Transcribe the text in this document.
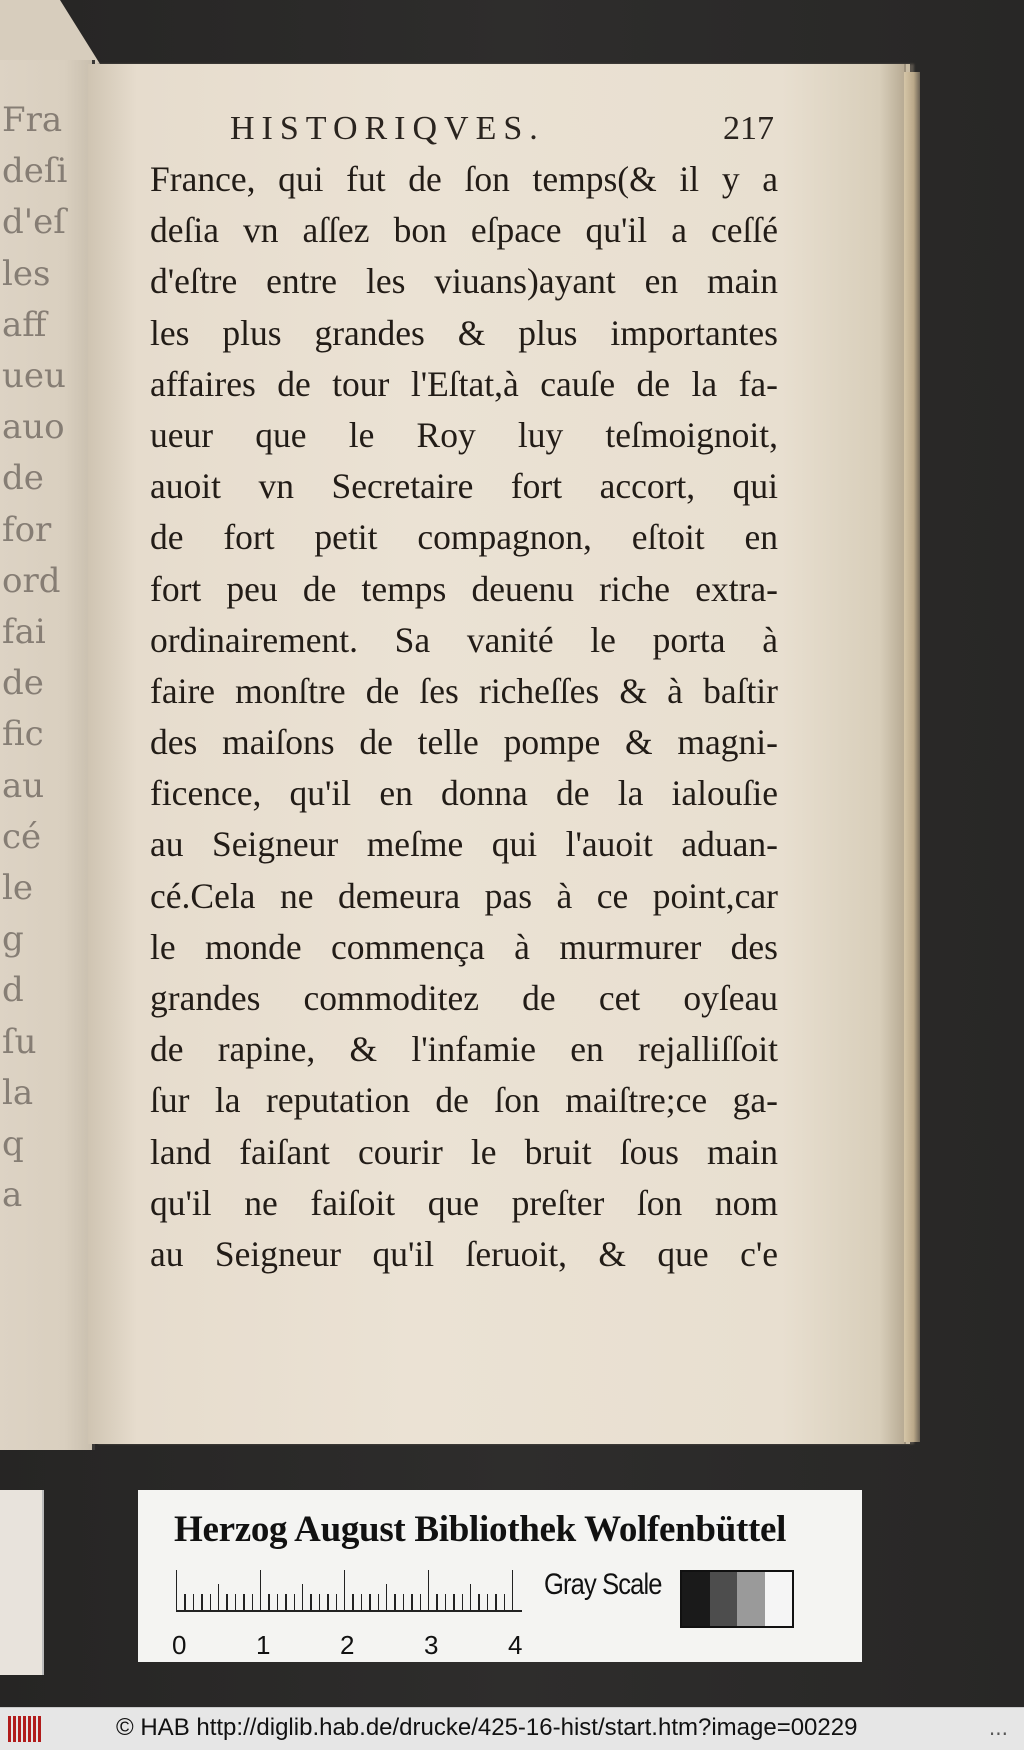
Fra
deſi
d'eſ
les
aff
ueu
auo
de
for
ord
fai
de
fic
au
cé
le
g
d
ſu
la
q
a
HISTORIQVES.	217
France, qui fut de ſon temps(& il y a
deſia vn aſſez bon eſpace qu'il a ceſſé
d'eſtre entre les viuans)ayant en main
les plus grandes & plus importantes
affaires de tour l'Eſtat,à cauſe de la fa-
ueur que le Roy luy teſmoignoit,
auoit vn Secretaire fort accort, qui
de fort petit compagnon, eſtoit en
fort peu de temps deuenu riche extra-
ordinairement. Sa vanité le porta à
faire monſtre de ſes richeſſes & à baſtir
des maiſons de telle pompe & magni-
ficence, qu'il en donna de la ialouſie
au Seigneur meſme qui l'auoit aduan-
cé.Cela ne demeura pas à ce point,car
le monde commença à murmurer des
grandes commoditez de cet oyſeau
de rapine, & l'infamie en rejalliſſoit
ſur la reputation de ſon maiſtre;ce ga-
land faiſant courir le bruit ſous main
qu'il ne faiſoit que preſter ſon nom
au Seigneur qu'il ſeruoit, & que c'e
Herzog August Bibliothek Wolfenbüttel
0	1	2	3	4
Gray Scale
© HAB http://diglib.hab.de/drucke/425-16-hist/start.htm?image=00229	...
